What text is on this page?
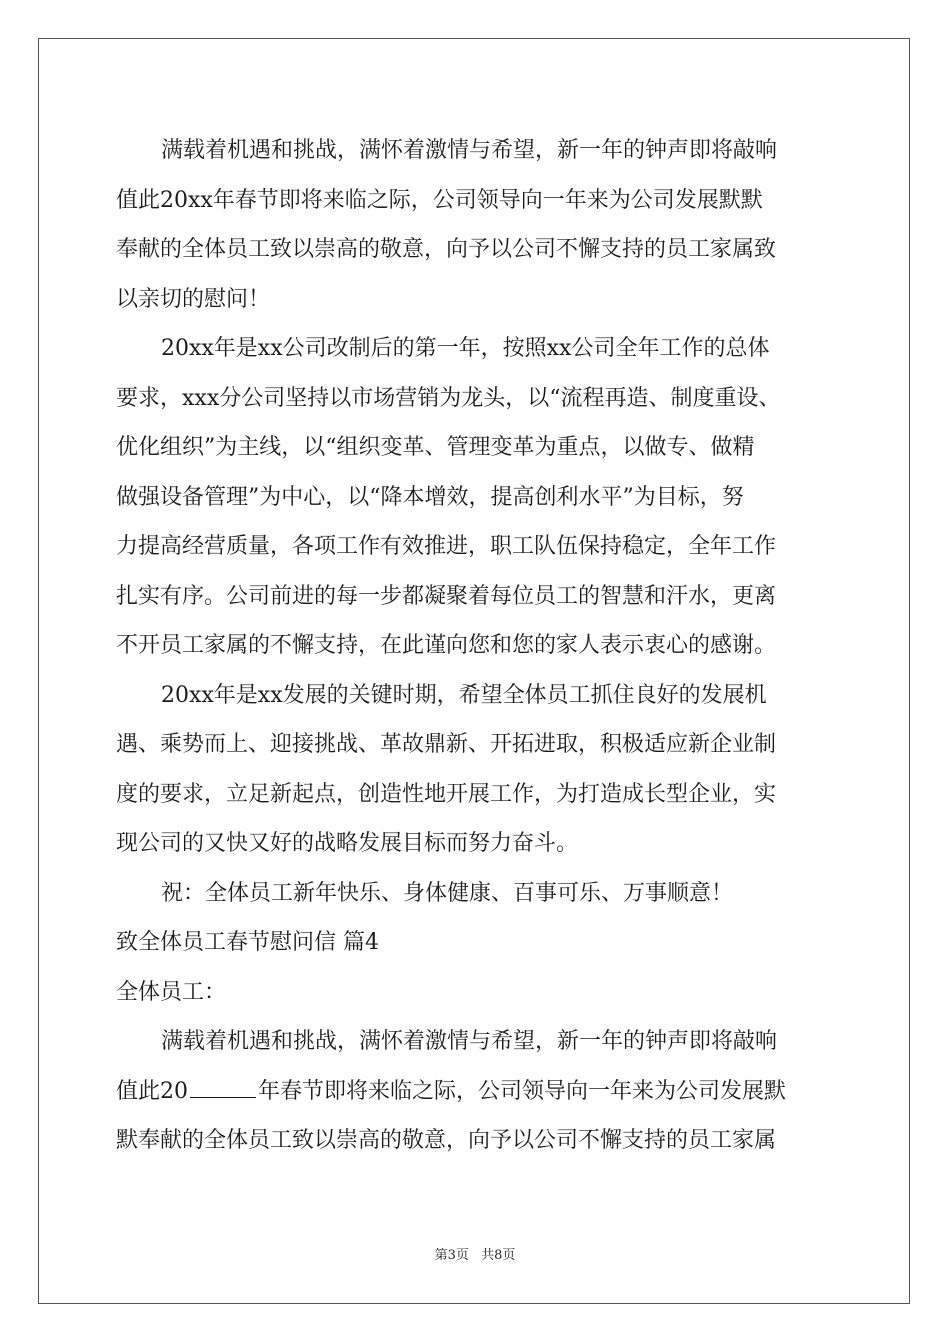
满载着机遇和挑战，满怀着激情与希望，新一年的钟声即将敲响
值此20xx年春节即将来临之际，公司领导向一年来为公司发展默默
奉献的全体员工致以崇高的敬意，向予以公司不懈支持的员工家属致
以亲切的慰问！
20xx年是xx公司改制后的第一年，按照xx公司全年工作的总体
要求，xxx分公司坚持以市场营销为龙头，以“流程再造、制度重设、
优化组织”为主线，以“组织变革、管理变革为重点，以做专、做精
做强设备管理”为中心，以“降本增效，提高创利水平”为目标，努
力提高经营质量，各项工作有效推进，职工队伍保持稳定，全年工作
扎实有序。公司前进的每一步都凝聚着每位员工的智慧和汗水，更离
不开员工家属的不懈支持，在此谨向您和您的家人表示衷心的感谢。
20xx年是xx发展的关键时期，希望全体员工抓住良好的发展机
遇、乘势而上、迎接挑战、革故鼎新、开拓进取，积极适应新企业制
度的要求，立足新起点，创造性地开展工作，为打造成长型企业，实
现公司的又快又好的战略发展目标而努力奋斗。
祝：全体员工新年快乐、身体健康、百事可乐、万事顺意！
致全体员工春节慰问信 篇4
全体员工：
满载着机遇和挑战，满怀着激情与希望，新一年的钟声即将敲响
值此20	年春节即将来临之际，公司领导向一年来为公司发展默
默奉献的全体员工致以崇高的敬意，向予以公司不懈支持的员工家属
第3页 共8页
